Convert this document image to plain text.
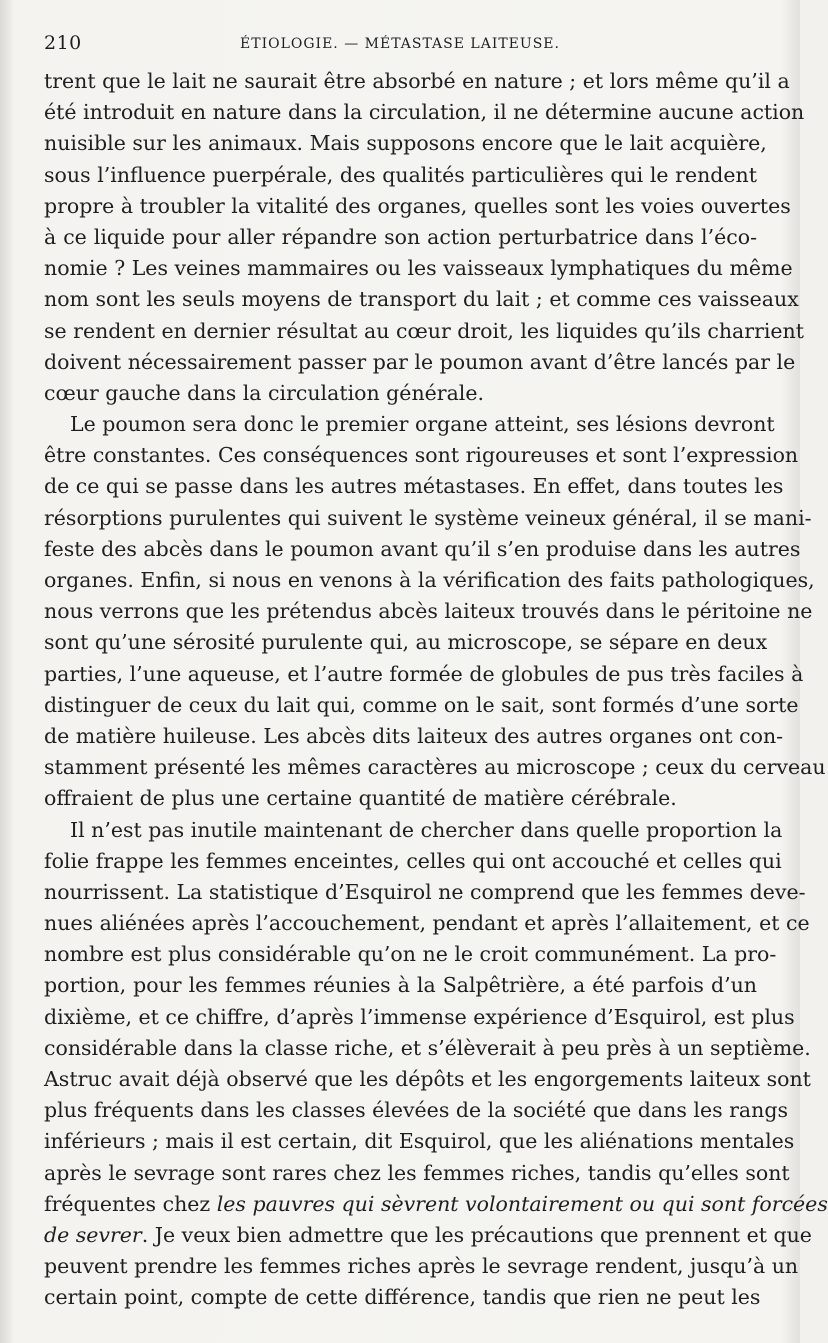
210	ÉTIOLOGIE. — MÉTASTASE LAITEUSE.
trent que le lait ne saurait être absorbé en nature ; et lors même qu’il a
été introduit en nature dans la circulation, il ne détermine aucune action
nuisible sur les animaux. Mais supposons encore que le lait acquière,
sous l’influence puerpérale, des qualités particulières qui le rendent
propre à troubler la vitalité des organes, quelles sont les voies ouvertes
à ce liquide pour aller répandre son action perturbatrice dans l’éco-
nomie ? Les veines mammaires ou les vaisseaux lymphatiques du même
nom sont les seuls moyens de transport du lait ; et comme ces vaisseaux
se rendent en dernier résultat au cœur droit, les liquides qu’ils charrient
doivent nécessairement passer par le poumon avant d’être lancés par le
cœur gauche dans la circulation générale.
Le poumon sera donc le premier organe atteint, ses lésions devront
être constantes. Ces conséquences sont rigoureuses et sont l’expression
de ce qui se passe dans les autres métastases. En effet, dans toutes les
résorptions purulentes qui suivent le système veineux général, il se mani-
feste des abcès dans le poumon avant qu’il s’en produise dans les autres
organes. Enfin, si nous en venons à la vérification des faits pathologiques,
nous verrons que les prétendus abcès laiteux trouvés dans le péritoine ne
sont qu’une sérosité purulente qui, au microscope, se sépare en deux
parties, l’une aqueuse, et l’autre formée de globules de pus très faciles à
distinguer de ceux du lait qui, comme on le sait, sont formés d’une sorte
de matière huileuse. Les abcès dits laiteux des autres organes ont con-
stamment présenté les mêmes caractères au microscope ; ceux du cerveau
offraient de plus une certaine quantité de matière cérébrale.
Il n’est pas inutile maintenant de chercher dans quelle proportion la
folie frappe les femmes enceintes, celles qui ont accouché et celles qui
nourrissent. La statistique d’Esquirol ne comprend que les femmes deve-
nues aliénées après l’accouchement, pendant et après l’allaitement, et ce
nombre est plus considérable qu’on ne le croit communément. La pro-
portion, pour les femmes réunies à la Salpêtrière, a été parfois d’un
dixième, et ce chiffre, d’après l’immense expérience d’Esquirol, est plus
considérable dans la classe riche, et s’élèverait à peu près à un septième.
Astruc avait déjà observé que les dépôts et les engorgements laiteux sont
plus fréquents dans les classes élevées de la société que dans les rangs
inférieurs ; mais il est certain, dit Esquirol, que les aliénations mentales
après le sevrage sont rares chez les femmes riches, tandis qu’elles sont
fréquentes chez les pauvres qui sèvrent volontairement ou qui sont forcées
de sevrer. Je veux bien admettre que les précautions que prennent et que
peuvent prendre les femmes riches après le sevrage rendent, jusqu’à un
certain point, compte de cette différence, tandis que rien ne peut les
